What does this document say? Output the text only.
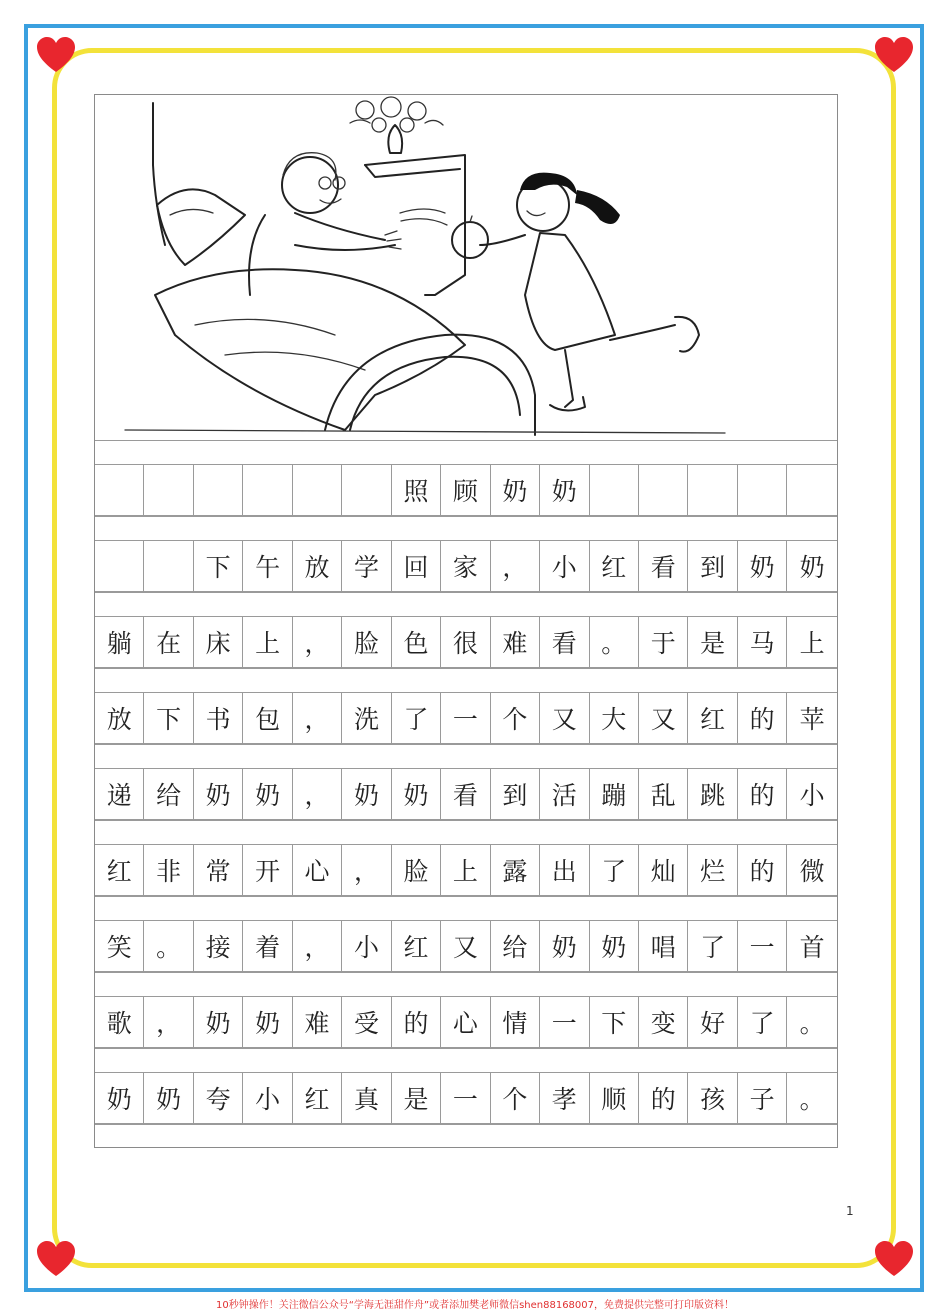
照 顾 奶 奶
下 午 放 学 回 家 ， 小 红 看 到 奶 奶
躺 在 床 上 ， 脸 色 很 难 看 。 于 是 马 上
放 下 书 包 ， 洗 了 一 个 又 大 又 红 的 苹
递 给 奶 奶 ， 奶 奶 看 到 活 蹦 乱 跳 的 小
红 非 常 开 心 ， 脸 上 露 出 了 灿 烂 的 微
笑 。 接 着 ， 小 红 又 给 奶 奶 唱 了 一 首
歌 ， 奶 奶 难 受 的 心 情 一 下 变 好 了 。
奶 奶 夸 小 红 真 是 一 个 孝 顺 的 孩 子 。
1
10秒钟操作！关注微信公众号“学海无涯甜作舟”或者添加樊老师微信shen88168007，免费提供完整可打印版资料！
